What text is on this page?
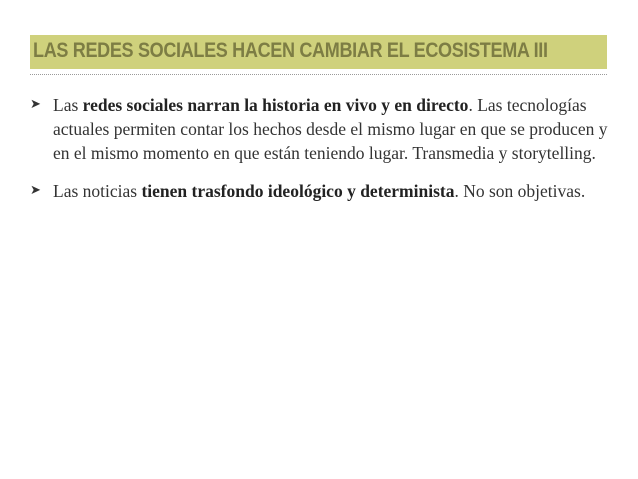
LAS REDES SOCIALES HACEN CAMBIAR EL ECOSISTEMA III
➤ Las redes sociales narran la historia en vivo y en directo. Las tecnologías actuales permiten contar los hechos desde el mismo lugar en que se producen y en el mismo momento en que están teniendo lugar. Transmedia y storytelling.
➤ Las noticias tienen trasfondo ideológico y determinista. No son objetivas.
